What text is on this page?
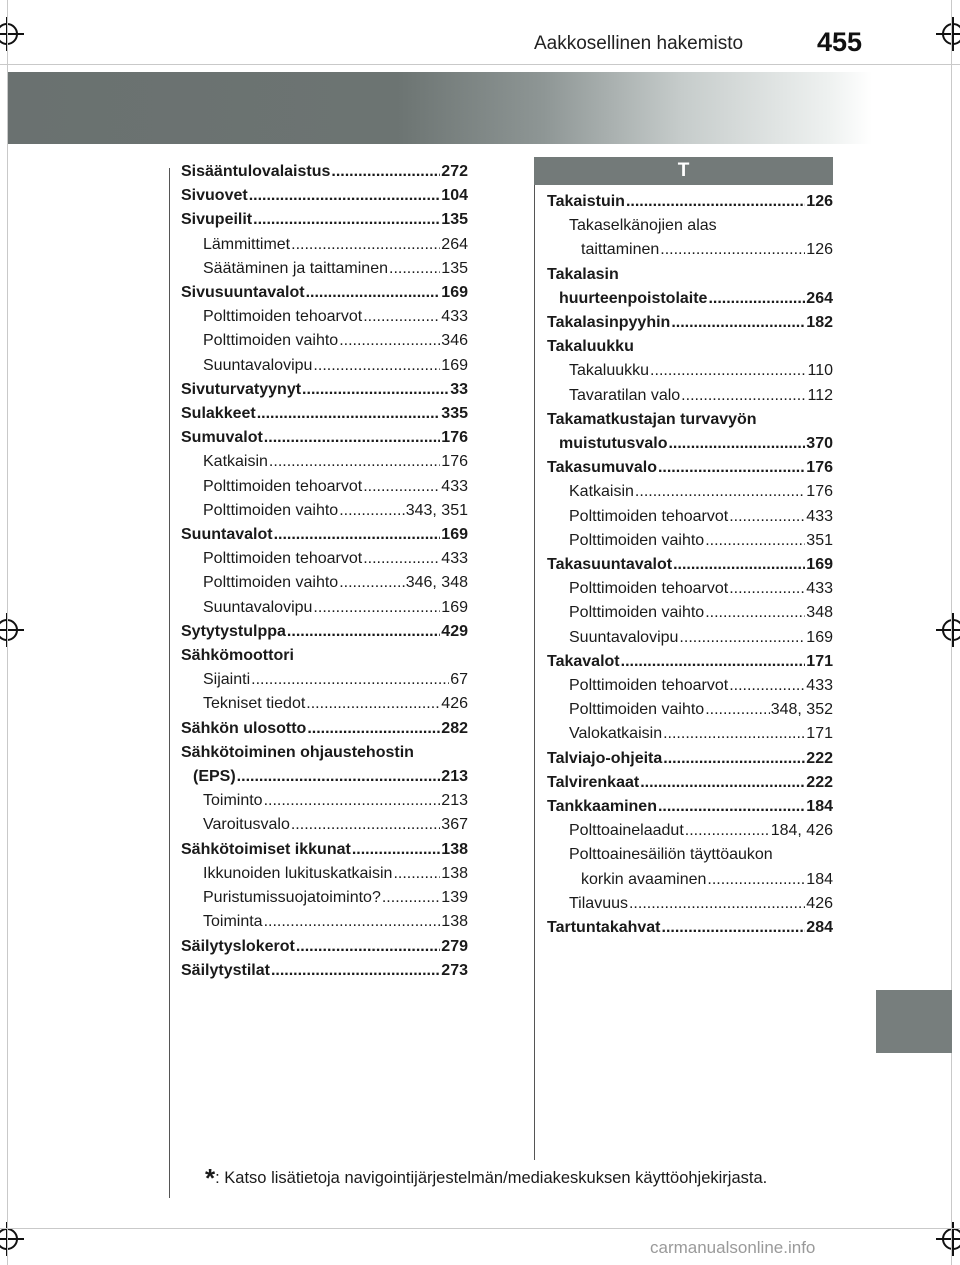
Aakkosellinen hakemisto	455
T
Sisääntulovalaistus .....	272
Sivuovet .....	104
Sivupeilit .....	135
Lämmittimet .....	264
Säätäminen ja taittaminen .....	135
Sivusuuntavalot .....	169
Polttimoiden tehoarvot .....	433
Polttimoiden vaihto .....	346
Suuntavalovipu .....	169
Sivuturvatyynyt .....	33
Sulakkeet .....	335
Sumuvalot .....	176
Katkaisin .....	176
Polttimoiden tehoarvot .....	433
Polttimoiden vaihto .....	343, 351
Suuntavalot .....	169
Polttimoiden tehoarvot .....	433
Polttimoiden vaihto .....	346, 348
Suuntavalovipu .....	169
Sytytystulppa .....	429
Sähkömoottori
Sijainti .....	67
Tekniset tiedot .....	426
Sähkön ulosotto .....	282
Sähkötoiminen ohjaustehostin
(EPS) .....	213
Toiminto .....	213
Varoitusvalo .....	367
Sähkötoimiset ikkunat .....	138
Ikkunoiden lukituskatkaisin .....	138
Puristumissuojatoiminto? .....	139
Toiminta .....	138
Säilytyslokerot .....	279
Säilytystilat .....	273
Takaistuin .....	126
Takaselkänojien alas
taittaminen .....	126
Takalasin
huurteenpoistolaite .....	264
Takalasinpyyhin .....	182
Takaluukku
Takaluukku .....	110
Tavaratilan valo .....	112
Takamatkustajan turvavyön
muistutusvalo .....	370
Takasumuvalo .....	176
Katkaisin .....	176
Polttimoiden tehoarvot .....	433
Polttimoiden vaihto .....	351
Takasuuntavalot .....	169
Polttimoiden tehoarvot .....	433
Polttimoiden vaihto .....	348
Suuntavalovipu .....	169
Takavalot .....	171
Polttimoiden tehoarvot .....	433
Polttimoiden vaihto .....	348, 352
Valokatkaisin .....	171
Talviajo-ohjeita .....	222
Talvirenkaat .....	222
Tankkaaminen .....	184
Polttoainelaadut .....	184, 426
Polttoainesäiliön täyttöaukon
korkin avaaminen .....	184
Tilavuus .....	426
Tartuntakahvat .....	284
*: Katso lisätietoja navigointijärjestelmän/mediakeskuksen käyttöohjekirjasta.
carmanualsonline.info
